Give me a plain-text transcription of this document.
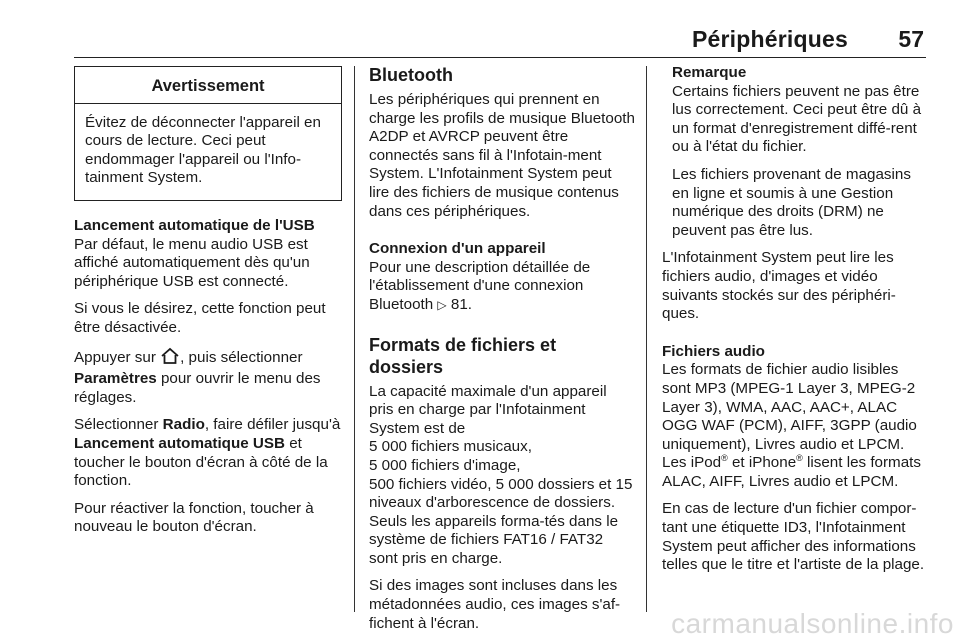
Périphériques 57
Avertissement
Évitez de déconnecter l'appareil en cours de lecture. Ceci peut endommager l'appareil ou l'Info-tainment System.
Lancement automatique de l'USB

Par défaut, le menu audio USB est affiché automatiquement dès qu'un périphérique USB est connecté.

Si vous le désirez, cette fonction peut être désactivée.

Appuyer sur , puis sélectionner Paramètres pour ouvrir le menu des réglages.

Sélectionner Radio, faire défiler jusqu'à Lancement automatique USB et toucher le bouton d'écran à côté de la fonction.

Pour réactiver la fonction, toucher à nouveau le bouton d'écran.

Bluetooth

Les périphériques qui prennent en charge les profils de musique Bluetooth A2DP et AVRCP peuvent être connectés sans fil à l'Infotain-ment System. L'Infotainment System peut lire des fichiers de musique contenus dans ces périphériques.

Connexion d'un appareil

Pour une description détaillée de l'établissement d'une connexion Bluetooth ▷ 81.

Formats de fichiers et dossiers

La capacité maximale d'un appareil pris en charge par l'Infotainment System est de

5 000 fichiers musicaux,
5 000 fichiers d'image,

500 fichiers vidéo, 5 000 dossiers et 15 niveaux d'arborescence de dossiers. Seuls les appareils forma-tés dans le système de fichiers FAT16 / FAT32 sont pris en charge.

Si des images sont incluses dans les métadonnées audio, ces images s'af-fichent à l'écran.

Remarque

Certains fichiers peuvent ne pas être lus correctement. Ceci peut être dû à un format d'enregistrement diffé-rent ou à l'état du fichier.

Les fichiers provenant de magasins en ligne et soumis à une Gestion numérique des droits (DRM) ne peuvent pas être lus.

L'Infotainment System peut lire les fichiers audio, d'images et vidéo suivants stockés sur des périphéri-ques.

Fichiers audio

Les formats de fichier audio lisibles sont MP3 (MPEG-1 Layer 3, MPEG-2 Layer 3), WMA, AAC, AAC+, ALAC OGG WAF (PCM), AIFF, 3GPP (audio uniquement), Livres audio et LPCM. Les iPod® et iPhone® lisent les formats ALAC, AIFF, Livres audio et LPCM.

En cas de lecture d'un fichier compor-tant une étiquette ID3, l'Infotainment System peut afficher des informations telles que le titre et l'artiste de la plage.

carmanualsonline.info
